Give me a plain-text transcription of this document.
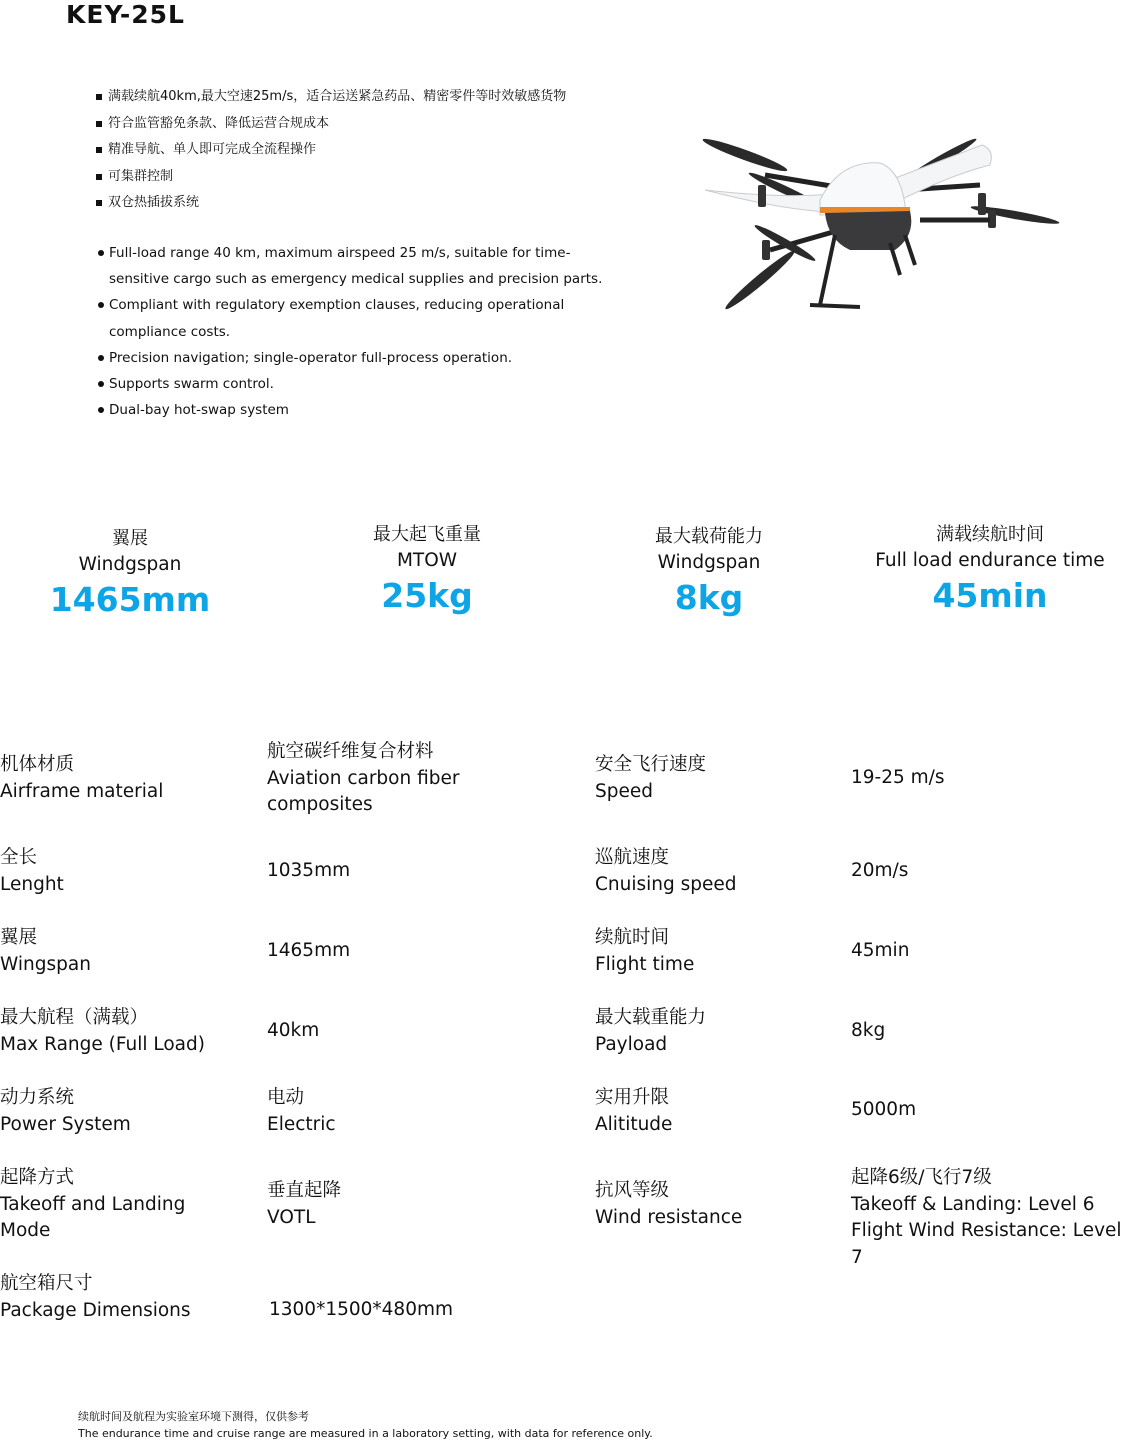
KEY-25L
满载续航40km,最大空速25m/s，适合运送紧急药品、精密零件等时效敏感货物
符合监管豁免条款、降低运营合规成本
精准导航、单人即可完成全流程操作
可集群控制
双仓热插拔系统
Full-load range 40 km, maximum airspeed 25 m/s, suitable for time-sensitive cargo such as emergency medical supplies and precision parts.
Compliant with regulatory exemption clauses, reducing operational compliance costs.
Precision navigation; single-operator full-process operation.
Supports swarm control.
Dual-bay hot-swap system
翼展
Windgspan
1465mm
最大起飞重量
MTOW
25kg
最大载荷能力
Windgspan
8kg
满载续航时间
Full load endurance time
45min
机体材质
Airframe material
航空碳纤维复合材料
Aviation carbon fiber composites
安全飞行速度
Speed
19-25 m/s
全长
Lenght
1035mm
巡航速度
Cnuising speed
20m/s
翼展
Wingspan
1465mm
续航时间
Flight time
45min
最大航程（满载）
Max Range (Full Load)
40km
最大载重能力
Payload
8kg
动力系统
Power System
电动
Electric
实用升限
Alititude
5000m
起降方式
Takeoff and Landing Mode
垂直起降
VOTL
抗风等级
Wind resistance
起降6级/飞行7级
Takeoff & Landing: Level 6
Flight Wind Resistance: Level 7
航空箱尺寸
Package Dimensions	1300*1500*480mm
续航时间及航程为实验室环境下测得，仅供参考
The endurance time and cruise range are measured in a laboratory setting, with data for reference only.
